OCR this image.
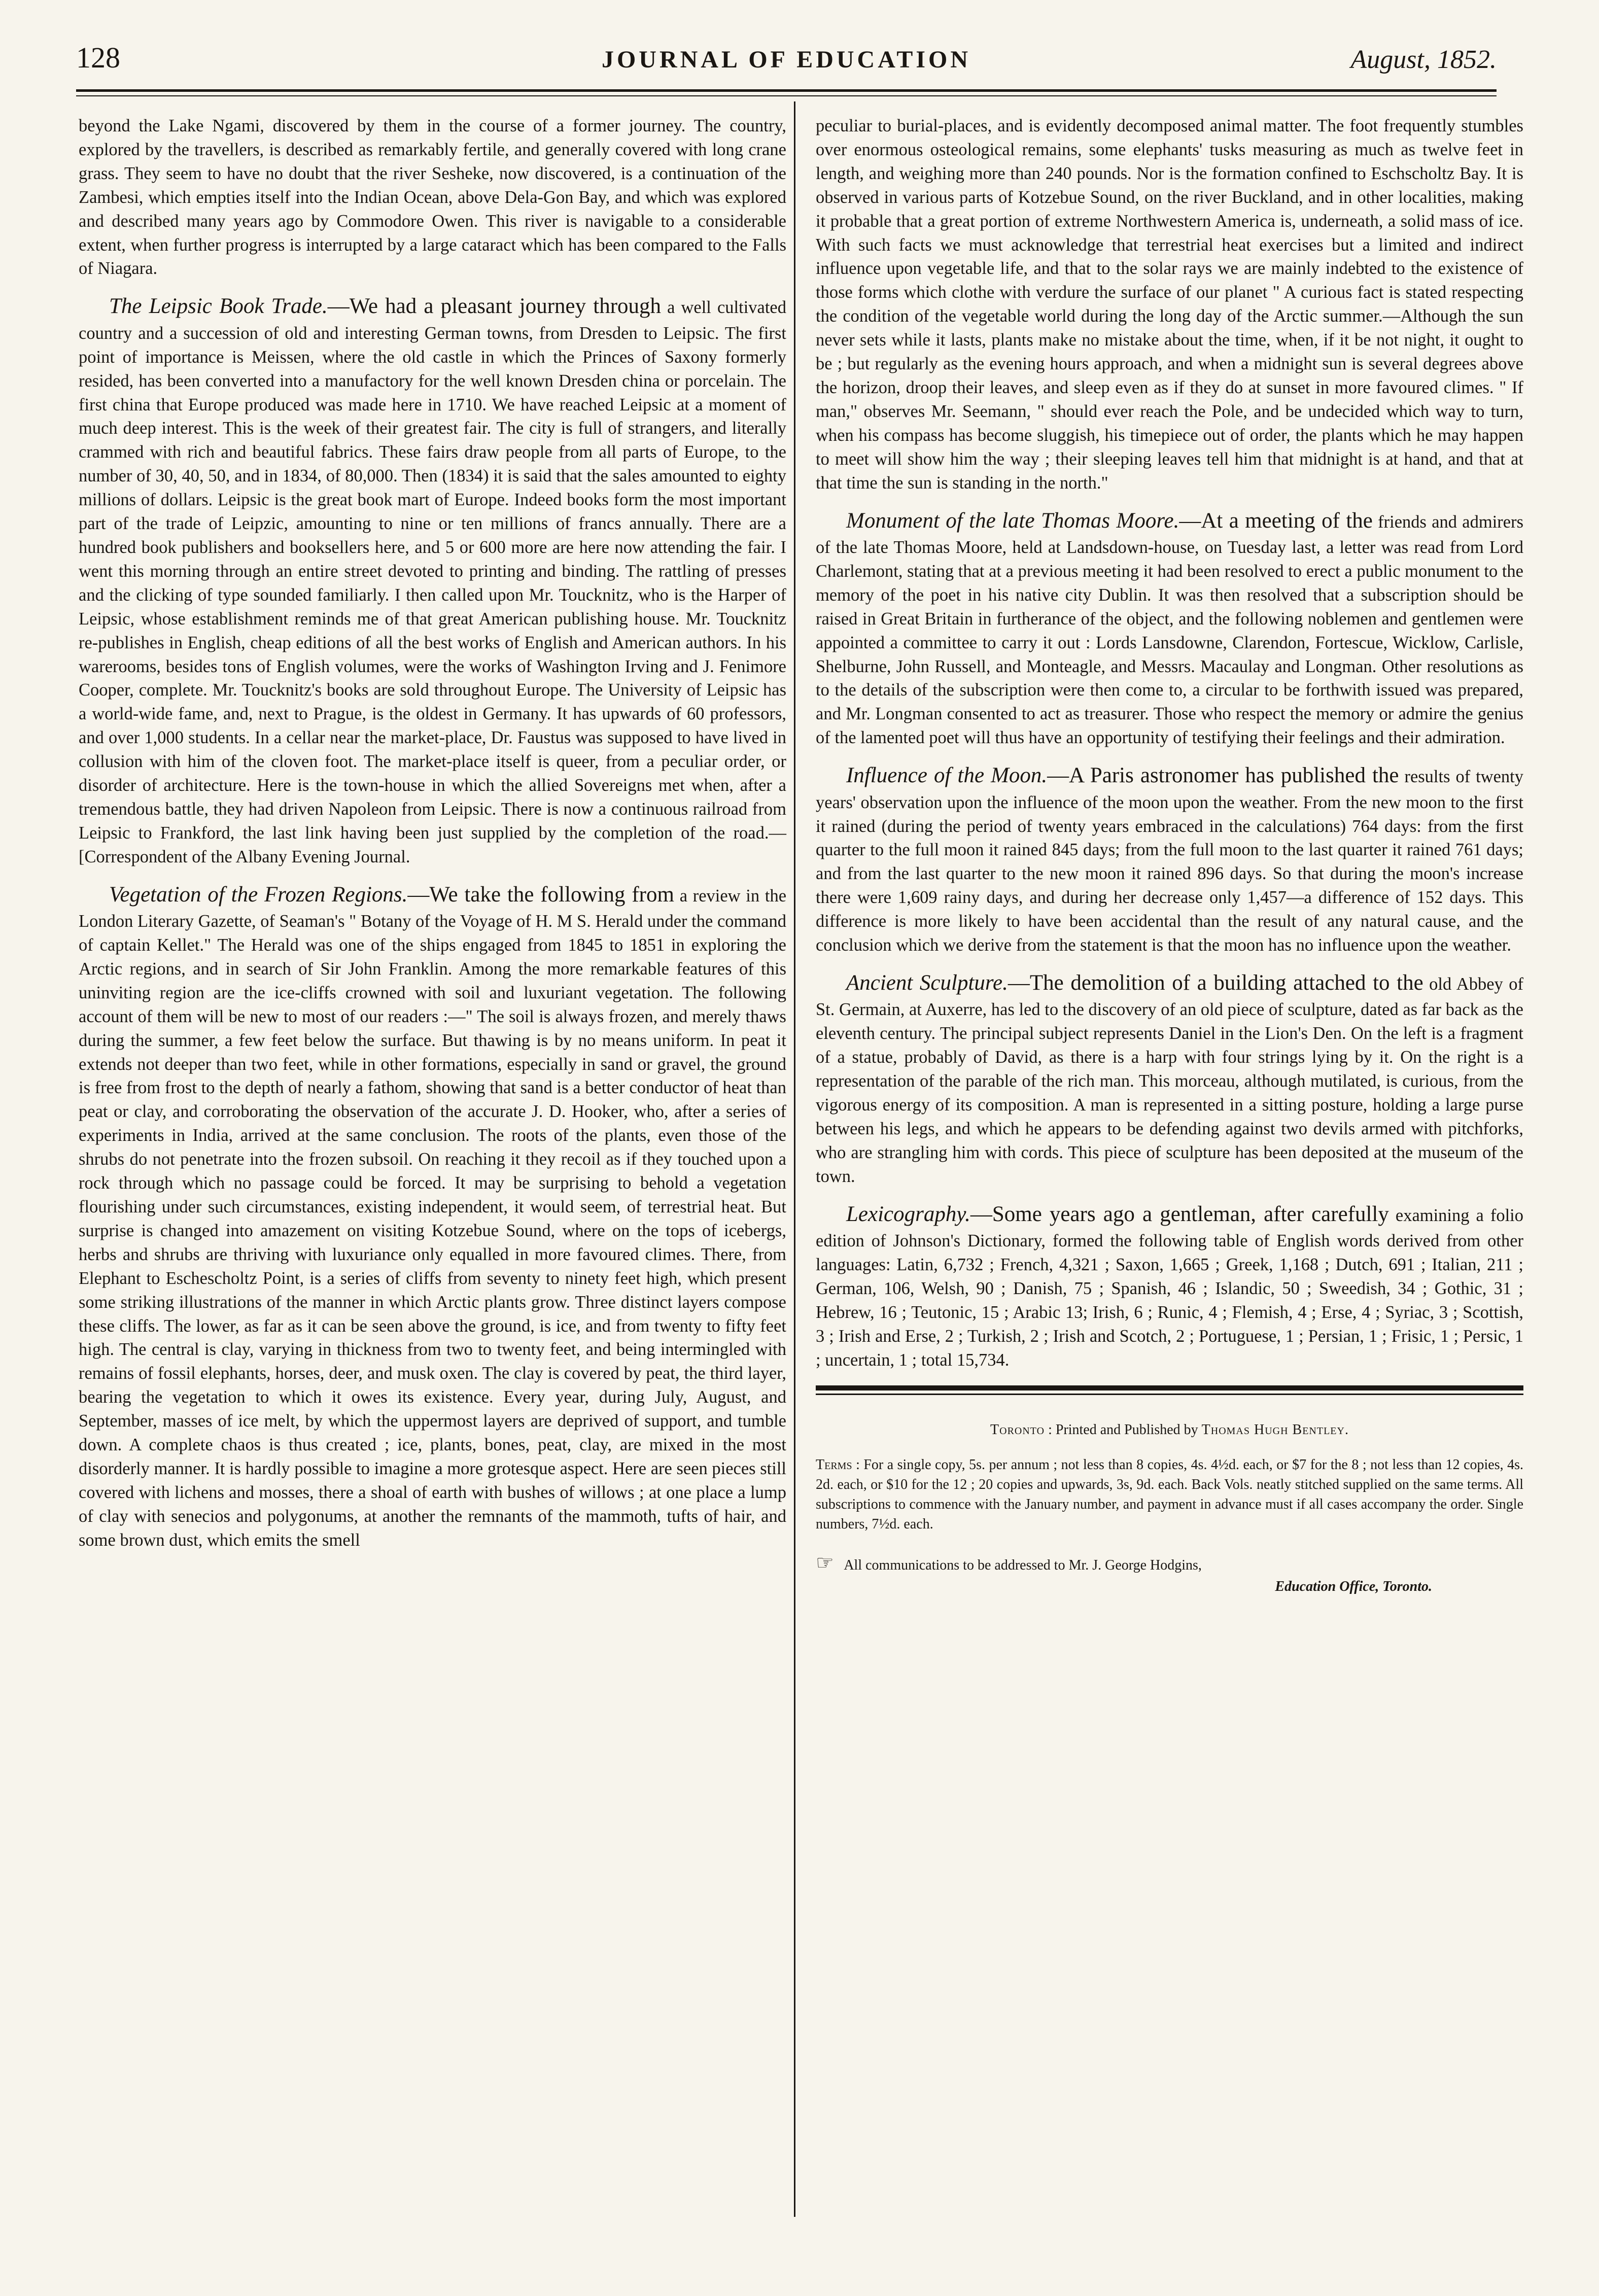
128	JOURNAL OF EDUCATION	August, 1852.

beyond the Lake Ngami, discovered by them in the course of a former journey. The country, explored by the travellers, is described as remarkably fertile, and generally covered with long crane grass. They seem to have no doubt that the river Sesheke, now discovered, is a continuation of the Zambesi, which empties itself into the Indian Ocean, above Dela-Gon Bay, and which was explored and described many years ago by Commodore Owen. This river is navigable to a considerable extent, when further progress is interrupted by a large cataract which has been compared to the Falls of Niagara.

The Leipsic Book Trade.—We had a pleasant journey through a well cultivated country and a succession of old and interesting German towns, from Dresden to Leipsic. The first point of importance is Meissen, where the old castle in which the Princes of Saxony formerly resided, has been converted into a manufactory for the well known Dresden china or porcelain. The first china that Europe produced was made here in 1710. We have reached Leipsic at a moment of much deep interest. This is the week of their greatest fair. The city is full of strangers, and literally crammed with rich and beautiful fabrics. These fairs draw people from all parts of Europe, to the number of 30, 40, 50, and in 1834, of 80,000. Then (1834) it is said that the sales amounted to eighty millions of dollars. Leipsic is the great book mart of Europe. Indeed books form the most important part of the trade of Leipzic, amounting to nine or ten millions of francs annually. There are a hundred book publishers and booksellers here, and 5 or 600 more are here now attending the fair. I went this morning through an entire street devoted to printing and binding. The rattling of presses and the clicking of type sounded familiarly. I then called upon Mr. Toucknitz, who is the Harper of Leipsic, whose establishment reminds me of that great American publishing house. Mr. Toucknitz re-publishes in English, cheap editions of all the best works of English and American authors. In his warerooms, besides tons of English volumes, were the works of Washington Irving and J. Fenimore Cooper, complete. Mr. Toucknitz's books are sold throughout Europe. The University of Leipsic has a world-wide fame, and, next to Prague, is the oldest in Germany. It has upwards of 60 professors, and over 1,000 students. In a cellar near the market-place, Dr. Faustus was supposed to have lived in collusion with him of the cloven foot. The market-place itself is queer, from a peculiar order, or disorder of architecture. Here is the town-house in which the allied Sovereigns met when, after a tremendous battle, they had driven Napoleon from Leipsic. There is now a continuous railroad from Leipsic to Frankford, the last link having been just supplied by the completion of the road.—[Correspondent of the Albany Evening Journal.

Vegetation of the Frozen Regions.—We take the following from a review in the London Literary Gazette, of Seaman's " Botany of the Voyage of H. M S. Herald under the command of captain Kellet." The Herald was one of the ships engaged from 1845 to 1851 in exploring the Arctic regions, and in search of Sir John Franklin. Among the more remarkable features of this uninviting region are the ice-cliffs crowned with soil and luxuriant vegetation. The following account of them will be new to most of our readers :—" The soil is always frozen, and merely thaws during the summer, a few feet below the surface. But thawing is by no means uniform. In peat it extends not deeper than two feet, while in other formations, especially in sand or gravel, the ground is free from frost to the depth of nearly a fathom, showing that sand is a better conductor of heat than peat or clay, and corroborating the observation of the accurate J. D. Hooker, who, after a series of experiments in India, arrived at the same conclusion. The roots of the plants, even those of the shrubs do not penetrate into the frozen subsoil. On reaching it they recoil as if they touched upon a rock through which no passage could be forced. It may be surprising to behold a vegetation flourishing under such circumstances, existing independent, it would seem, of terrestrial heat. But surprise is changed into amazement on visiting Kotzebue Sound, where on the tops of icebergs, herbs and shrubs are thriving with luxuriance only equalled in more favoured climes. There, from Elephant to Eschescholtz Point, is a series of cliffs from seventy to ninety feet high, which present some striking illustrations of the manner in which Arctic plants grow. Three distinct layers compose these cliffs. The lower, as far as it can be seen above the ground, is ice, and from twenty to fifty feet high. The central is clay, varying in thickness from two to twenty feet, and being intermingled with remains of fossil elephants, horses, deer, and musk oxen. The clay is covered by peat, the third layer, bearing the vegetation to which it owes its existence. Every year, during July, August, and September, masses of ice melt, by which the uppermost layers are deprived of support, and tumble down. A complete chaos is thus created ; ice, plants, bones, peat, clay, are mixed in the most disorderly manner. It is hardly possible to imagine a more grotesque aspect. Here are seen pieces still covered with lichens and mosses, there a shoal of earth with bushes of willows ; at one place a lump of clay with senecios and polygonums, at another the remnants of the mammoth, tufts of hair, and some brown dust, which emits the smell

peculiar to burial-places, and is evidently decomposed animal matter. The foot frequently stumbles over enormous osteological remains, some elephants' tusks measuring as much as twelve feet in length, and weighing more than 240 pounds. Nor is the formation confined to Eschscholtz Bay. It is observed in various parts of Kotzebue Sound, on the river Buckland, and in other localities, making it probable that a great portion of extreme Northwestern America is, underneath, a solid mass of ice. With such facts we must acknowledge that terrestrial heat exercises but a limited and indirect influence upon vegetable life, and that to the solar rays we are mainly indebted to the existence of those forms which clothe with verdure the surface of our planet " A curious fact is stated respecting the condition of the vegetable world during the long day of the Arctic summer.—Although the sun never sets while it lasts, plants make no mistake about the time, when, if it be not night, it ought to be ; but regularly as the evening hours approach, and when a midnight sun is several degrees above the horizon, droop their leaves, and sleep even as if they do at sunset in more favoured climes. " If man," observes Mr. Seemann, " should ever reach the Pole, and be undecided which way to turn, when his compass has become sluggish, his timepiece out of order, the plants which he may happen to meet will show him the way ; their sleeping leaves tell him that midnight is at hand, and that at that time the sun is standing in the north."

Monument of the late Thomas Moore.—At a meeting of the friends and admirers of the late Thomas Moore, held at Landsdown-house, on Tuesday last, a letter was read from Lord Charlemont, stating that at a previous meeting it had been resolved to erect a public monument to the memory of the poet in his native city Dublin. It was then resolved that a subscription should be raised in Great Britain in furtherance of the object, and the following noblemen and gentlemen were appointed a committee to carry it out : Lords Lansdowne, Clarendon, Fortescue, Wicklow, Carlisle, Shelburne, John Russell, and Monteagle, and Messrs. Macaulay and Longman. Other resolutions as to the details of the subscription were then come to, a circular to be forthwith issued was prepared, and Mr. Longman consented to act as treasurer. Those who respect the memory or admire the genius of the lamented poet will thus have an opportunity of testifying their feelings and their admiration.

Influence of the Moon.—A Paris astronomer has published the results of twenty years' observation upon the influence of the moon upon the weather. From the new moon to the first it rained (during the period of twenty years embraced in the calculations) 764 days: from the first quarter to the full moon it rained 845 days; from the full moon to the last quarter it rained 761 days; and from the last quarter to the new moon it rained 896 days. So that during the moon's increase there were 1,609 rainy days, and during her decrease only 1,457—a difference of 152 days. This difference is more likely to have been accidental than the result of any natural cause, and the conclusion which we derive from the statement is that the moon has no influence upon the weather.

Ancient Sculpture.—The demolition of a building attached to the old Abbey of St. Germain, at Auxerre, has led to the discovery of an old piece of sculpture, dated as far back as the eleventh century. The principal subject represents Daniel in the Lion's Den. On the left is a fragment of a statue, probably of David, as there is a harp with four strings lying by it. On the right is a representation of the parable of the rich man. This morceau, although mutilated, is curious, from the vigorous energy of its composition. A man is represented in a sitting posture, holding a large purse between his legs, and which he appears to be defending against two devils armed with pitchforks, who are strangling him with cords. This piece of sculpture has been deposited at the museum of the town.

Lexicography.—Some years ago a gentleman, after carefully examining a folio edition of Johnson's Dictionary, formed the following table of English words derived from other languages: Latin, 6,732 ; French, 4,321 ; Saxon, 1,665 ; Greek, 1,168 ; Dutch, 691 ; Italian, 211 ; German, 106, Welsh, 90 ; Danish, 75 ; Spanish, 46 ; Islandic, 50 ; Sweedish, 34 ; Gothic, 31 ; Hebrew, 16 ; Teutonic, 15 ; Arabic 13; Irish, 6 ; Runic, 4 ; Flemish, 4 ; Erse, 4 ; Syriac, 3 ; Scottish, 3 ; Irish and Erse, 2 ; Turkish, 2 ; Irish and Scotch, 2 ; Portuguese, 1 ; Persian, 1 ; Frisic, 1 ; Persic, 1 ; uncertain, 1 ; total 15,734.

Toronto : Printed and Published by Thomas Hugh Bentley.
Terms : For a single copy, 5s. per annum ; not less than 8 copies, 4s. 4½d. each, or $7 for the 8 ; not less than 12 copies, 4s. 2d. each, or $10 for the 12 ; 20 copies and upwards, 3s, 9d. each. Back Vols. neatly stitched supplied on the same terms. All subscriptions to commence with the January number, and payment in advance must if all cases accompany the order. Single numbers, 7½d. each.
☞ All communications to be addressed to Mr. J. George Hodgins,
Education Office, Toronto.
